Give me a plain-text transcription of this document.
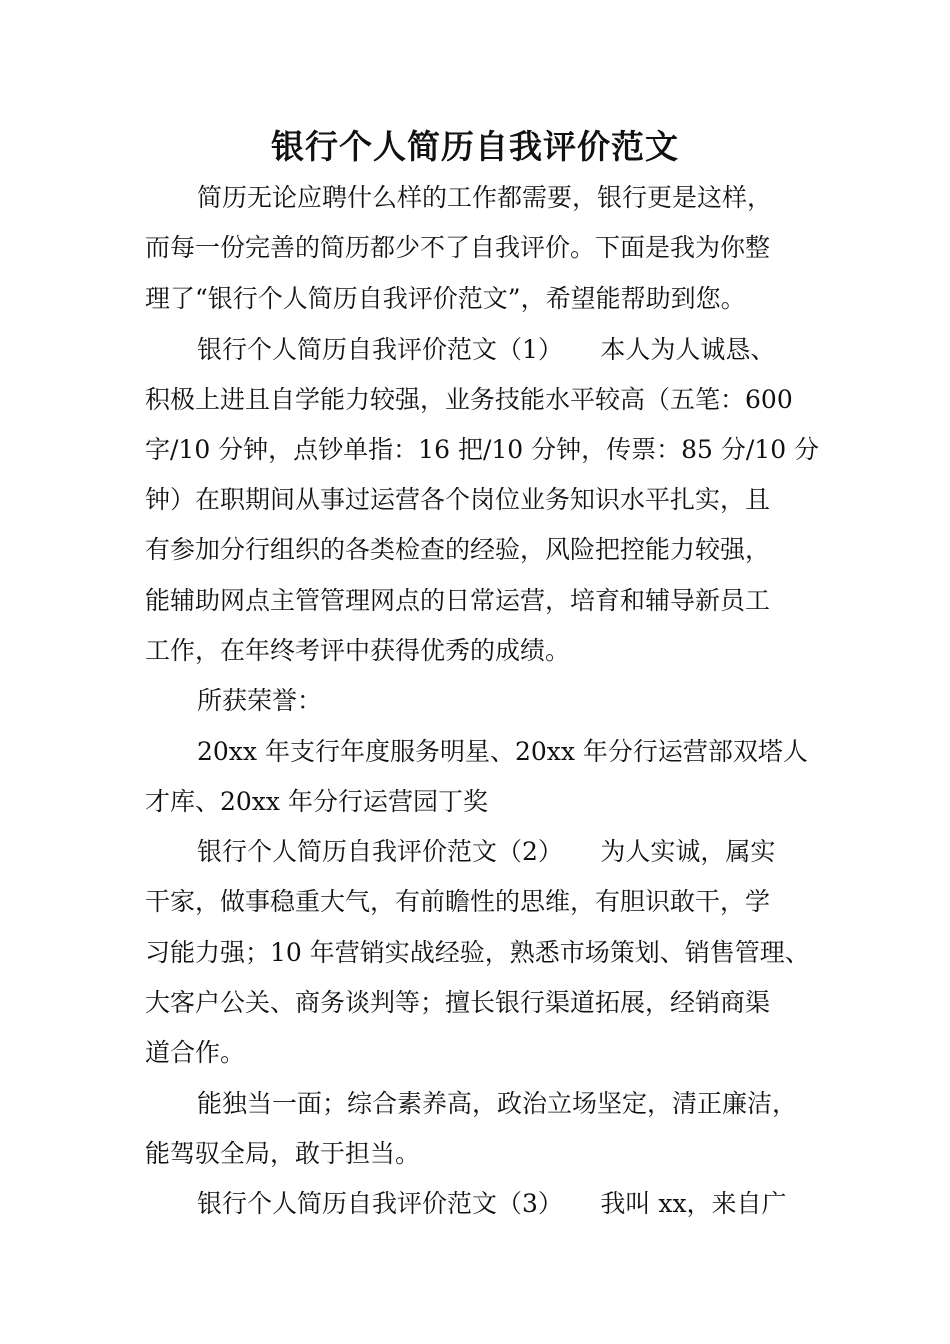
银行个人简历自我评价范文
简历无论应聘什么样的工作都需要，银行更是这样，
而每一份完善的简历都少不了自我评价。下面是我为你整
理了“银行个人简历自我评价范文”，希望能帮助到您。
银行个人简历自我评价范文（1）　　本人为人诚恳、
积极上进且自学能力较强，业务技能水平较高（五笔：600
字/10 分钟，点钞单指：16 把/10 分钟，传票：85 分/10 分
钟）在职期间从事过运营各个岗位业务知识水平扎实，且
有参加分行组织的各类检查的经验，风险把控能力较强，
能辅助网点主管管理网点的日常运营，培育和辅导新员工
工作，在年终考评中获得优秀的成绩。
所获荣誉：
20xx 年支行年度服务明星、20xx 年分行运营部双塔人
才库、20xx 年分行运营园丁奖
银行个人简历自我评价范文（2）　　为人实诚，属实
干家，做事稳重大气，有前瞻性的思维，有胆识敢干，学
习能力强；10 年营销实战经验，熟悉市场策划、销售管理、
大客户公关、商务谈判等；擅长银行渠道拓展，经销商渠
道合作。
能独当一面；综合素养高，政治立场坚定，清正廉洁，
能驾驭全局，敢于担当。
银行个人简历自我评价范文（3）　　我叫 xx，来自广
